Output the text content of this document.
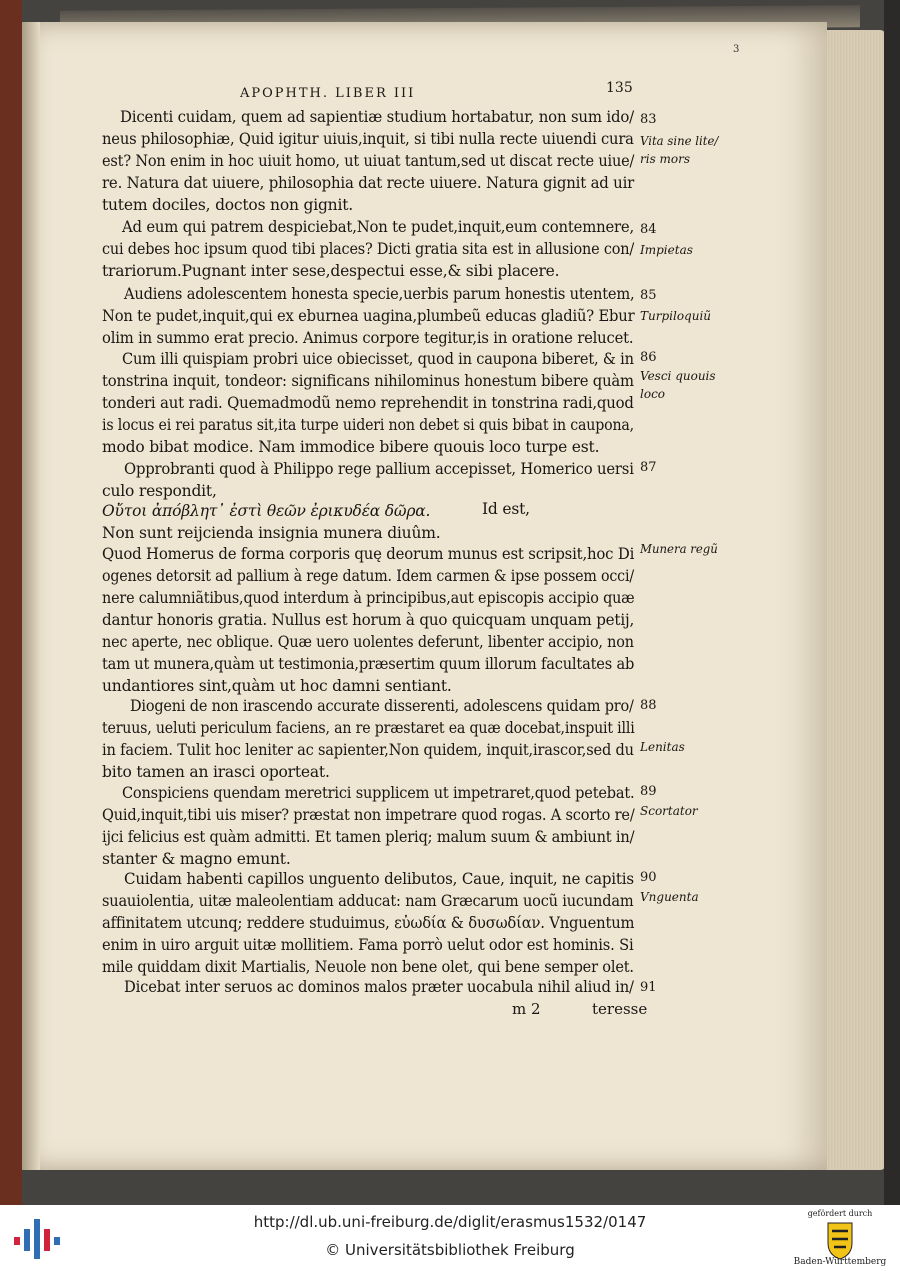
3
APOPHTH. LIBER III	135
Dicenti cuidam, quem ad sapientiæ studium hortabatur, non sum ido/
neus philosophiæ, Quid igitur uiuis,inquit, si tibi nulla recte uiuendi cura
est? Non enim in hoc uiuit homo, ut uiuat tantum,sed ut discat recte uiue/
re. Natura dat uiuere, philosophia dat recte uiuere. Natura gignit ad uir
tutem dociles, doctos non gignit.
Ad eum qui patrem despiciebat,Non te pudet,inquit,eum contemnere,
cui debes hoc ipsum quod tibi places? Dicti gratia sita est in allusione con/
trariorum.Pugnant inter sese,despectui esse,& sibi placere.
Audiens adolescentem honesta specie,uerbis parum honestis utentem,
Non te pudet,inquit,qui ex eburnea uagina,plumbeũ educas gladiũ? Ebur
olim in summo erat precio. Animus corpore tegitur,is in oratione relucet.
Cum illi quispiam probri uice obiecisset, quod in caupona biberet, & in
tonstrina inquit, tondeor: significans nihilominus honestum bibere quàm
tonderi aut radi. Quemadmodũ nemo reprehendit in tonstrina radi,quod
is locus ei rei paratus sit,ita turpe uideri non debet si quis bibat in caupona,
modo bibat modice. Nam immodice bibere quouis loco turpe est.
Opprobranti quod à Philippo rege pallium accepisset, Homerico uersi
culo respondit,
Οὔτοι ἀπόβλητ᾽ ἐστὶ θεῶν ἐρικυδέα δῶρα.	Id est,
Non sunt reijcienda insignia munera diuûm.
Quod Homerus de forma corporis quę deorum munus est scripsit,hoc Di
ogenes detorsit ad pallium à rege datum. Idem carmen & ipse possem occi/
nere calumniãtibus,quod interdum à principibus,aut episcopis accipio quæ
dantur honoris gratia. Nullus est horum à quo quicquam unquam petij,
nec aperte, nec oblique. Quæ uero uolentes deferunt, libenter accipio, non
tam ut munera,quàm ut testimonia,præsertim quum illorum facultates ab
undantiores sint,quàm ut hoc damni sentiant.
Diogeni de non irascendo accurate disserenti, adolescens quidam pro/
teruus, ueluti periculum faciens, an re præstaret ea quæ docebat,inspuit illi
in faciem. Tulit hoc leniter ac sapienter,Non quidem, inquit,irascor,sed du
bito tamen an irasci oporteat.
Conspiciens quendam meretrici supplicem ut impetraret,quod petebat.
Quid,inquit,tibi uis miser? præstat non impetrare quod rogas. A scorto re/
ijci felicius est quàm admitti. Et tamen pleriq; malum suum & ambiunt in/
stanter & magno emunt.
Cuidam habenti capillos unguento delibutos, Caue, inquit, ne capitis
suauiolentia, uitæ maleolentiam adducat: nam Græcarum uocũ iucundam
affinitatem utcunq; reddere studuimus, εὐωδία & δυσωδίαν. Vnguentum
enim in uiro arguit uitæ mollitiem. Fama porrò uelut odor est hominis. Si
mile quiddam dixit Martialis, Neuole non bene olet, qui bene semper olet.
Dicebat inter seruos ac dominos malos præter uocabula nihil aliud in/
m 2	teresse
83
84
85
86
87
88
89
90
91
Vita sine lite/
ris mors
Impietas
Turpiloquiũ
Vesci quouis
loco
Munera regũ
Lenitas
Scortator
Vnguenta
http://dl.ub.uni-freiburg.de/diglit/erasmus1532/0147
© Universitätsbibliothek Freiburg
gefördert durch
Baden-Württemberg
